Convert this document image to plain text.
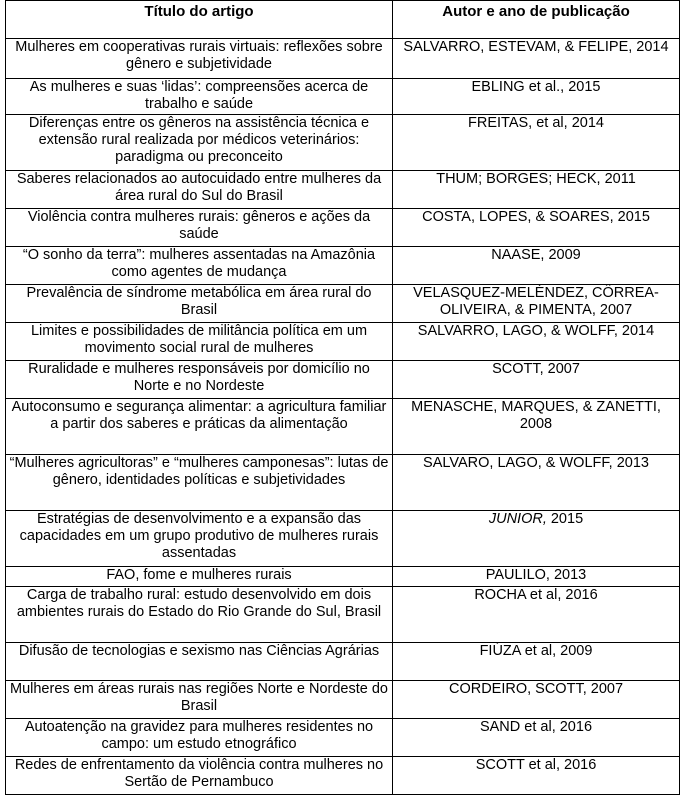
Título do artigo	Autor e ano de publicação
Mulheres em cooperativas rurais virtuais: reflexões sobre gênero e subjetividade	SALVARRO, ESTEVAM, & FELIPE, 2014
As mulheres e suas ‘lidas’: compreensões acerca de trabalho e saúde	EBLING et al., 2015
Diferenças entre os gêneros na assistência técnica e extensão rural realizada por médicos veterinários: paradigma ou preconceito	FREITAS, et al, 2014
Saberes relacionados ao autocuidado entre mulheres da área rural do Sul do Brasil	THUM; BORGES; HECK, 2011
Violência contra mulheres rurais: gêneros e ações da saúde	COSTA, LOPES, & SOARES, 2015
“O sonho da terra”: mulheres assentadas na Amazônia como agentes de mudança	NAASE, 2009
Prevalência de síndrome metabólica em área rural do Brasil	VELASQUEZ-MELÉNDEZ, CÔRREA-OLIVEIRA, & PIMENTA, 2007
Limites e possibilidades de militância política em um movimento social rural de mulheres	SALVARRO, LAGO, & WOLFF, 2014
Ruralidade e mulheres responsáveis por domicílio no Norte e no Nordeste	SCOTT, 2007
Autoconsumo e segurança alimentar: a agricultura familiar a partir dos saberes e práticas da alimentação	MENASCHE, MARQUES, & ZANETTI, 2008
“Mulheres agricultoras” e “mulheres camponesas”: lutas de gênero, identidades políticas e subjetividades	SALVARO, LAGO, & WOLFF, 2013
Estratégias de desenvolvimento e a expansão das capacidades em um grupo produtivo de mulheres rurais assentadas	JUNIOR, 2015
FAO, fome e mulheres rurais	PAULILO, 2013
Carga de trabalho rural: estudo desenvolvido em dois ambientes rurais do Estado do Rio Grande do Sul, Brasil	ROCHA et al, 2016
Difusão de tecnologias e sexismo nas Ciências Agrárias	FIÚZA et al, 2009
Mulheres em áreas rurais nas regiões Norte e Nordeste do Brasil	CORDEIRO, SCOTT, 2007
Autoatenção na gravidez para mulheres residentes no campo: um estudo etnográfico	SAND et al, 2016
Redes de enfrentamento da violência contra mulheres no Sertão de Pernambuco	SCOTT et al, 2016
